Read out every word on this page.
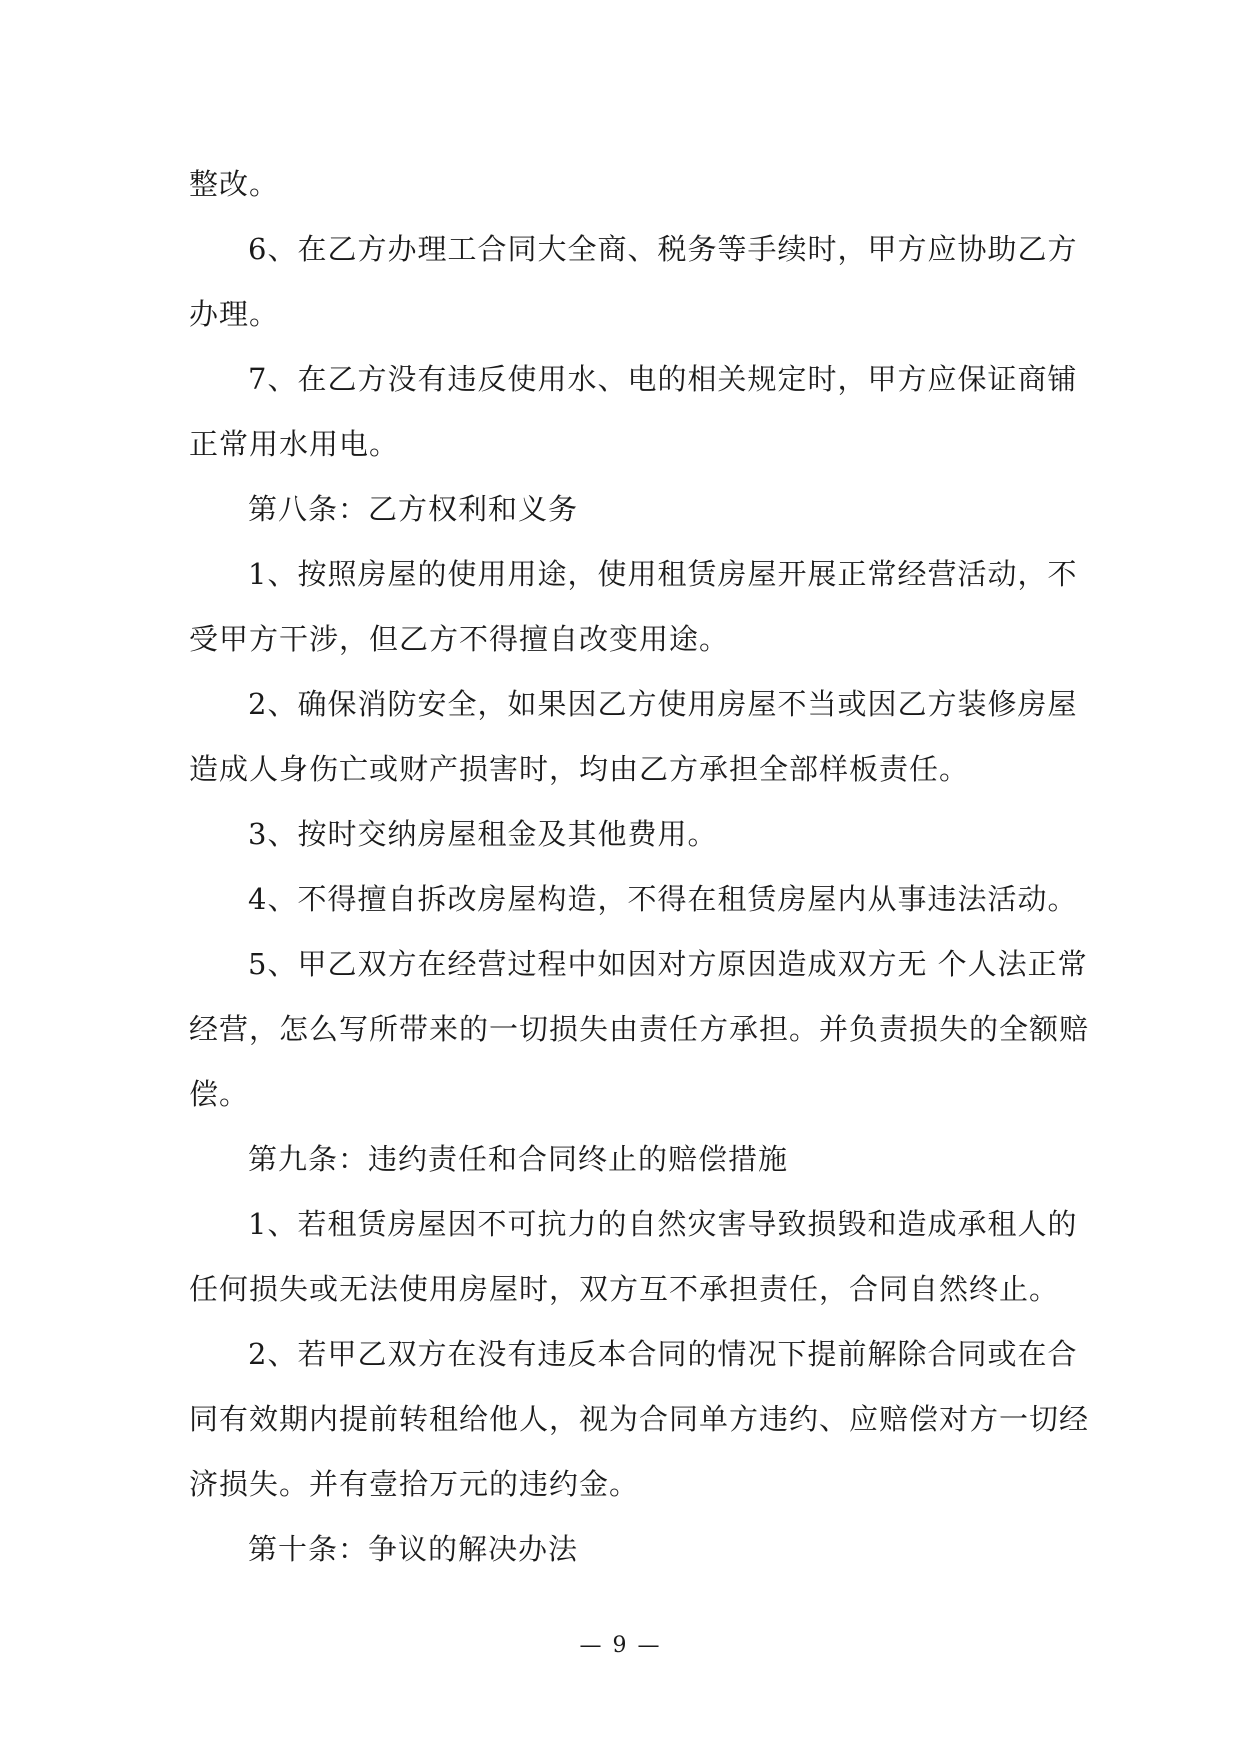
整改。
6、在乙方办理工合同大全商、税务等手续时，甲方应协助乙方
办理。
7、在乙方没有违反使用水、电的相关规定时，甲方应保证商铺
正常用水用电。
第八条：乙方权利和义务
1、按照房屋的使用用途，使用租赁房屋开展正常经营活动，不
受甲方干涉，但乙方不得擅自改变用途。
2、确保消防安全，如果因乙方使用房屋不当或因乙方装修房屋
造成人身伤亡或财产损害时，均由乙方承担全部样板责任。
3、按时交纳房屋租金及其他费用。
4、不得擅自拆改房屋构造，不得在租赁房屋内从事违法活动。
5、甲乙双方在经营过程中如因对方原因造成双方无 个人法正常
经营，怎么写所带来的一切损失由责任方承担。并负责损失的全额赔
偿。
第九条：违约责任和合同终止的赔偿措施
1、若租赁房屋因不可抗力的自然灾害导致损毁和造成承租人的
任何损失或无法使用房屋时，双方互不承担责任，合同自然终止。
2、若甲乙双方在没有违反本合同的情况下提前解除合同或在合
同有效期内提前转租给他人，视为合同单方违约、应赔偿对方一切经
济损失。并有壹拾万元的违约金。
第十条：争议的解决办法
— 9 —
